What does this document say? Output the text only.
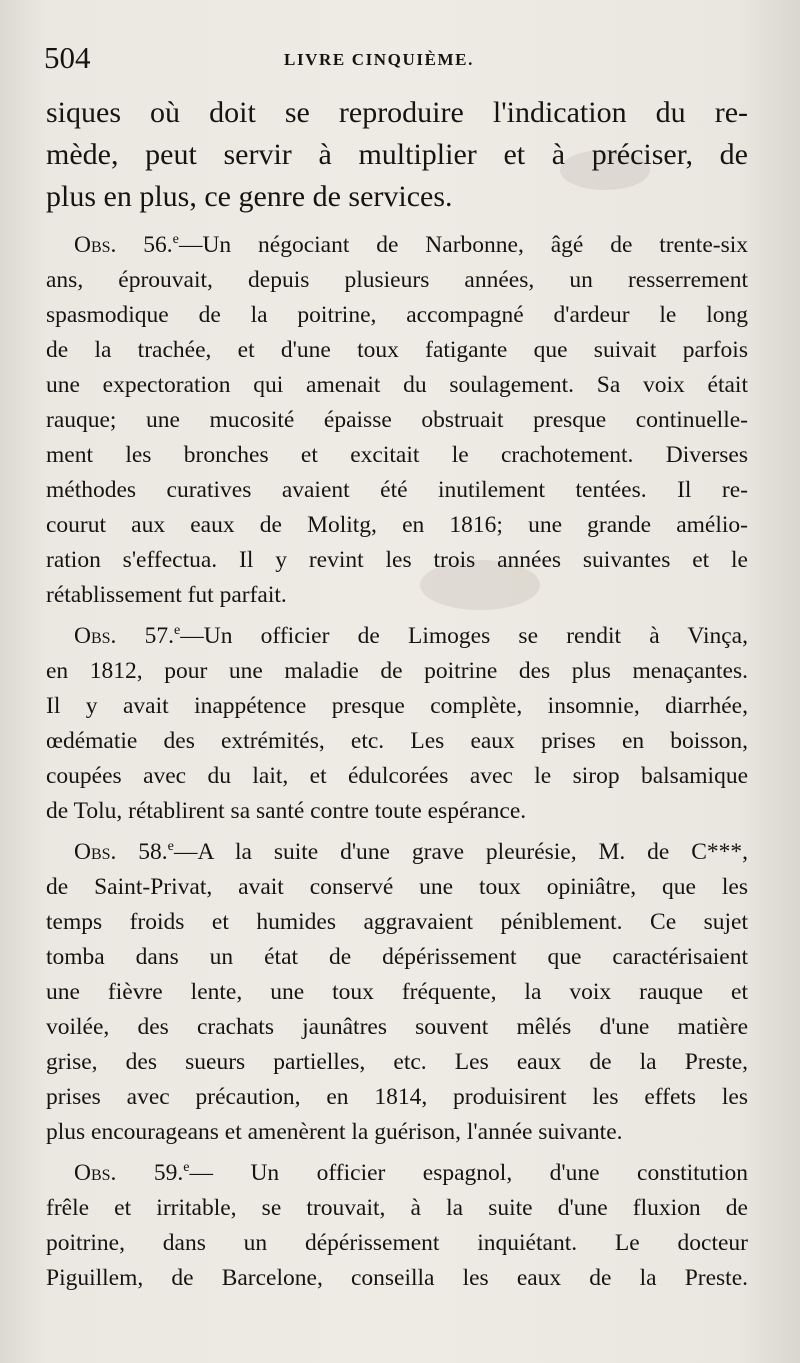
504	LIVRE CINQUIÈME.
siques où doit se reproduire l'indication du re-
mède, peut servir à multiplier et à préciser, de
plus en plus, ce genre de services.
Obs. 56.$^e$—Un négociant de Narbonne, âgé de trente-six
ans, éprouvait, depuis plusieurs années, un resserrement
spasmodique de la poitrine, accompagné d'ardeur le long
de la trachée, et d'une toux fatigante que suivait parfois
une expectoration qui amenait du soulagement. Sa voix était
rauque; une mucosité épaisse obstruait presque continuelle-
ment les bronches et excitait le crachotement. Diverses
méthodes curatives avaient été inutilement tentées. Il re-
courut aux eaux de Molitg, en 1816; une grande amélio-
ration s'effectua. Il y revint les trois années suivantes et le
rétablissement fut parfait.
Obs. 57.$^e$—Un officier de Limoges se rendit à Vinça,
en 1812, pour une maladie de poitrine des plus menaçantes.
Il y avait inappétence presque complète, insomnie, diarrhée,
œdématie des extrémités, etc. Les eaux prises en boisson,
coupées avec du lait, et édulcorées avec le sirop balsamique
de Tolu, rétablirent sa santé contre toute espérance.
Obs. 58.$^e$—A la suite d'une grave pleurésie, M. de C***,
de Saint-Privat, avait conservé une toux opiniâtre, que les
temps froids et humides aggravaient péniblement. Ce sujet
tomba dans un état de dépérissement que caractérisaient
une fièvre lente, une toux fréquente, la voix rauque et
voilée, des crachats jaunâtres souvent mêlés d'une matière
grise, des sueurs partielles, etc. Les eaux de la Preste,
prises avec précaution, en 1814, produisirent les effets les
plus encourageans et amenèrent la guérison, l'année suivante.
Obs. 59.$^e$— Un officier espagnol, d'une constitution
frêle et irritable, se trouvait, à la suite d'une fluxion de
poitrine, dans un dépérissement inquiétant. Le docteur
Piguillem, de Barcelone, conseilla les eaux de la Preste.
